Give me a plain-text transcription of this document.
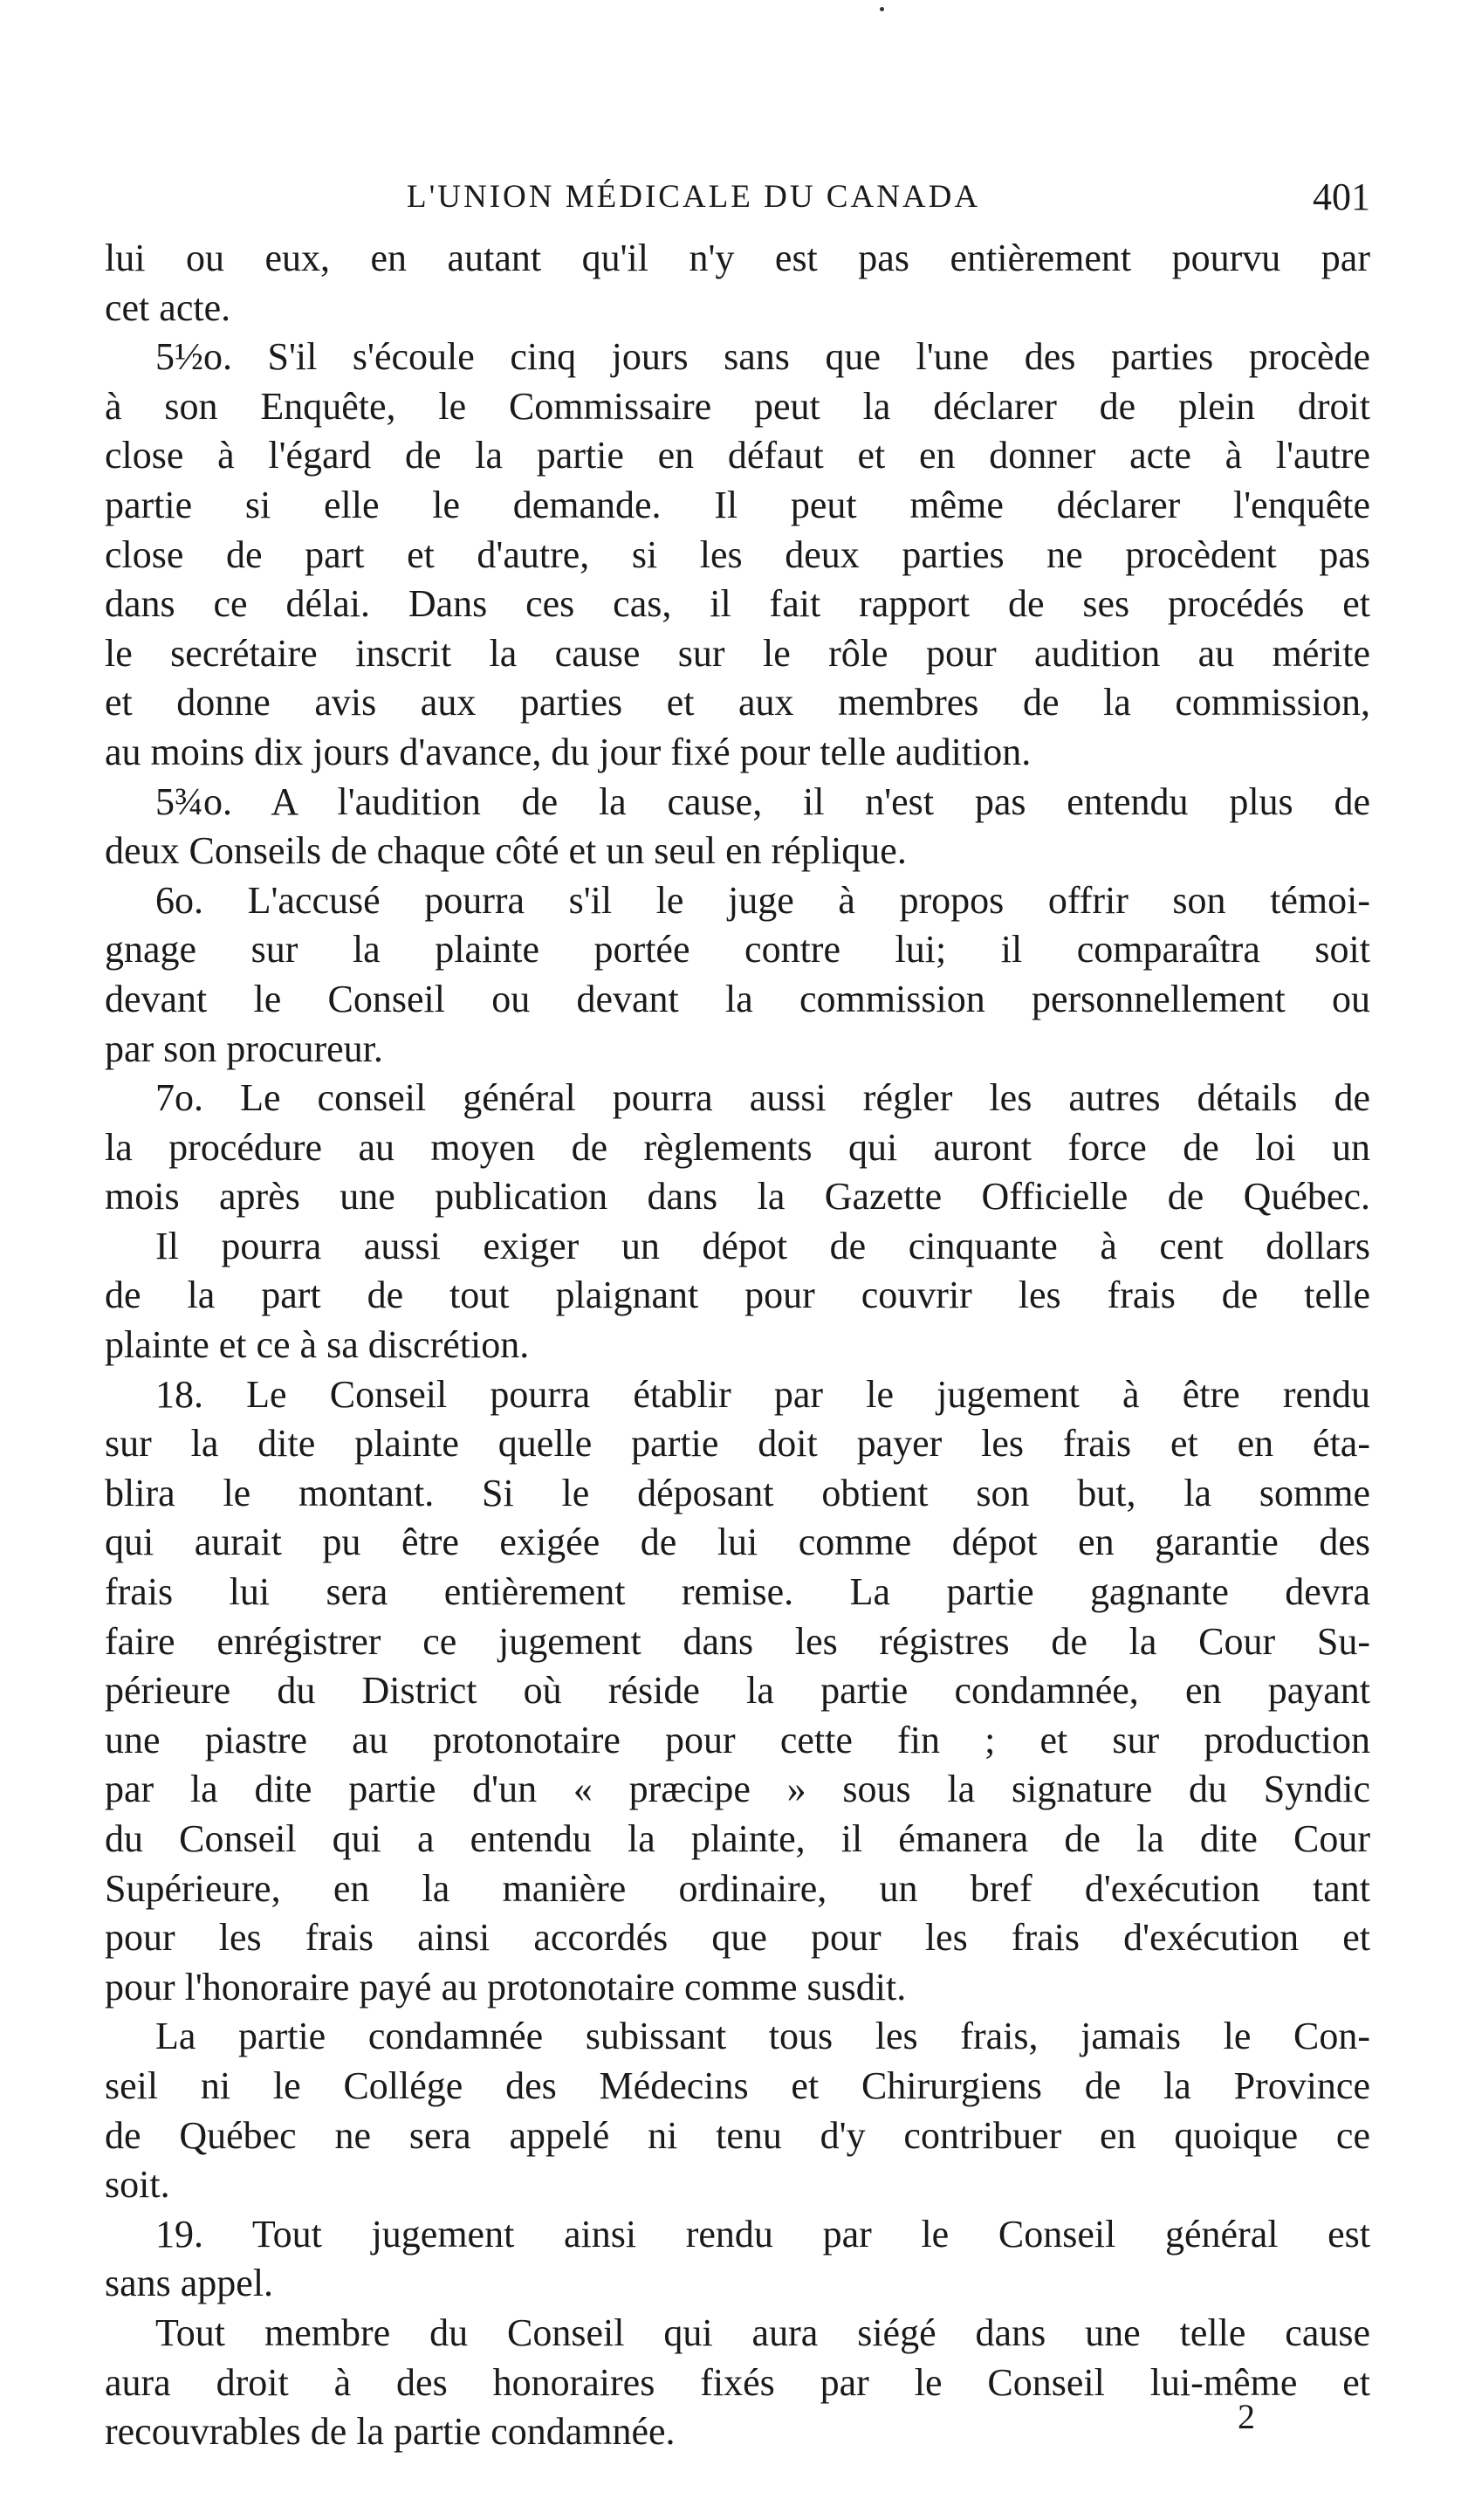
L'UNION MÉDICALE DU CANADA	401
lui ou eux, en autant qu'il n'y est pas entièrement pourvu par
cet acte.
5½o. S'il s'écoule cinq jours sans que l'une des parties procède
à son Enquête, le Commissaire peut la déclarer de plein droit
close à l'égard de la partie en défaut et en donner acte à l'autre
partie si elle le demande. Il peut même déclarer l'enquête
close de part et d'autre, si les deux parties ne procèdent pas
dans ce délai. Dans ces cas, il fait rapport de ses procédés et
le secrétaire inscrit la cause sur le rôle pour audition au mérite
et donne avis aux parties et aux membres de la commission,
au moins dix jours d'avance, du jour fixé pour telle audition.
5¾o. A l'audition de la cause, il n'est pas entendu plus de
deux Conseils de chaque côté et un seul en réplique.
6o. L'accusé pourra s'il le juge à propos offrir son témoi-
gnage sur la plainte portée contre lui; il comparaîtra soit
devant le Conseil ou devant la commission personnellement ou
par son procureur.
7o. Le conseil général pourra aussi régler les autres détails de
la procédure au moyen de règlements qui auront force de loi un
mois après une publication dans la Gazette Officielle de Québec.
Il pourra aussi exiger un dépot de cinquante à cent dollars
de la part de tout plaignant pour couvrir les frais de telle
plainte et ce à sa discrétion.
18. Le Conseil pourra établir par le jugement à être rendu
sur la dite plainte quelle partie doit payer les frais et en éta-
blira le montant. Si le déposant obtient son but, la somme
qui aurait pu être exigée de lui comme dépot en garantie des
frais lui sera entièrement remise. La partie gagnante devra
faire enrégistrer ce jugement dans les régistres de la Cour Su-
périeure du District où réside la partie condamnée, en payant
une piastre au protonotaire pour cette fin ; et sur production
par la dite partie d'un « præcipe » sous la signature du Syndic
du Conseil qui a entendu la plainte, il émanera de la dite Cour
Supérieure, en la manière ordinaire, un bref d'exécution tant
pour les frais ainsi accordés que pour les frais d'exécution et
pour l'honoraire payé au protonotaire comme susdit.
La partie condamnée subissant tous les frais, jamais le Con-
seil ni le Collége des Médecins et Chirurgiens de la Province
de Québec ne sera appelé ni tenu d'y contribuer en quoique ce
soit.
19. Tout jugement ainsi rendu par le Conseil général est
sans appel.
Tout membre du Conseil qui aura siégé dans une telle cause
aura droit à des honoraires fixés par le Conseil lui-même et
recouvrables de la partie condamnée.	2
